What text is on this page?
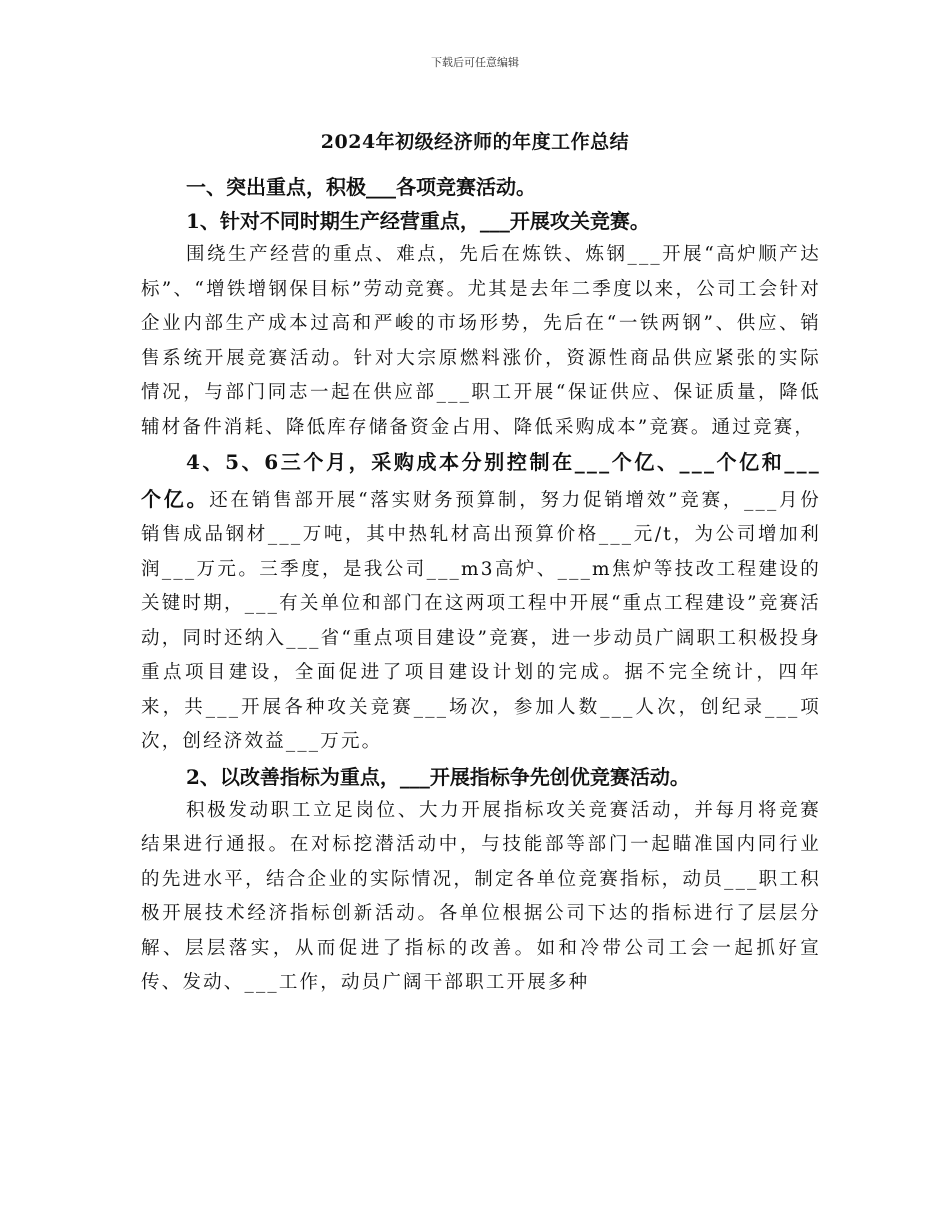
下载后可任意编辑
2024年初级经济师的年度工作总结

一、突出重点，积极___各项竞赛活动。

1、针对不同时期生产经营重点，___开展攻关竞赛。

围绕生产经营的重点、难点，先后在炼铁、炼钢___开展“高炉顺产达标”、“增铁增钢保目标”劳动竞赛。尤其是去年二季度以来，公司工会针对企业内部生产成本过高和严峻的市场形势，先后在“一铁两钢”、供应、销售系统开展竞赛活动。针对大宗原燃料涨价，资源性商品供应紧张的实际情况，与部门同志一起在供应部___职工开展“保证供应、保证质量，降低辅材备件消耗、降低库存储备资金占用、降低采购成本”竞赛。通过竞赛，

4、5、6三个月，采购成本分别控制在___个亿、___个亿和___个亿。还在销售部开展“落实财务预算制，努力促销增效”竞赛，___月份销售成品钢材___万吨，其中热轧材高出预算价格___元/t，为公司增加利润___万元。三季度，是我公司___m3高炉、___m焦炉等技改工程建设的关键时期，___有关单位和部门在这两项工程中开展“重点工程建设”竞赛活动，同时还纳入___省“重点项目建设”竞赛，进一步动员广阔职工积极投身重点项目建设，全面促进了项目建设计划的完成。据不完全统计，四年来，共___开展各种攻关竞赛___场次，参加人数___人次，创纪录___项次，创经济效益___万元。

2、以改善指标为重点，___开展指标争先创优竞赛活动。

积极发动职工立足岗位、大力开展指标攻关竞赛活动，并每月将竞赛结果进行通报。在对标挖潜活动中，与技能部等部门一起瞄准国内同行业的先进水平，结合企业的实际情况，制定各单位竞赛指标，动员___职工积极开展技术经济指标创新活动。各单位根据公司下达的指标进行了层层分解、层层落实，从而促进了指标的改善。如和冷带公司工会一起抓好宣传、发动、___工作，动员广阔干部职工开展多种
